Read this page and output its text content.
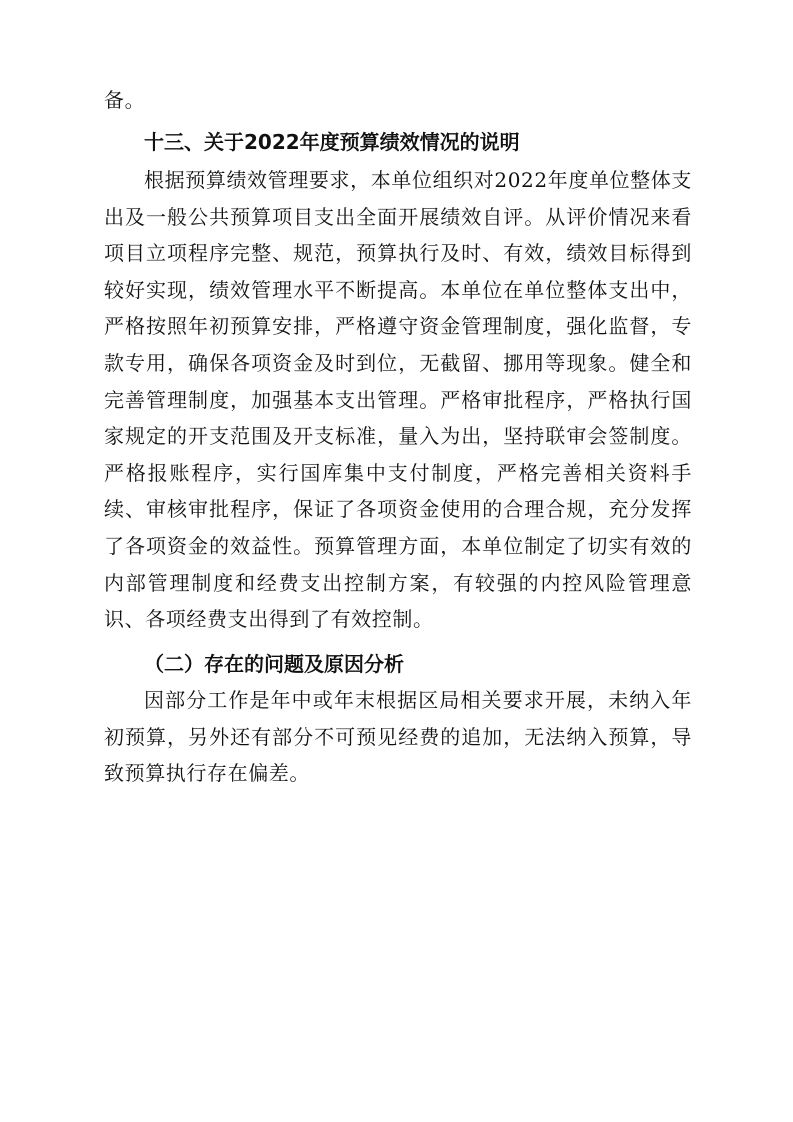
备。

十三、关于2022年度预算绩效情况的说明

根据预算绩效管理要求，本单位组织对2022年度单位整体支出及一般公共预算项目支出全面开展绩效自评。从评价情况来看项目立项程序完整、规范，预算执行及时、有效，绩效目标得到较好实现，绩效管理水平不断提高。本单位在单位整体支出中，严格按照年初预算安排，严格遵守资金管理制度，强化监督，专款专用，确保各项资金及时到位，无截留、挪用等现象。健全和完善管理制度，加强基本支出管理。严格审批程序，严格执行国家规定的开支范围及开支标准，量入为出，坚持联审会签制度。严格报账程序，实行国库集中支付制度，严格完善相关资料手续、审核审批程序，保证了各项资金使用的合理合规，充分发挥了各项资金的效益性。预算管理方面，本单位制定了切实有效的内部管理制度和经费支出控制方案，有较强的内控风险管理意识、各项经费支出得到了有效控制。

（二）存在的问题及原因分析

因部分工作是年中或年末根据区局相关要求开展，未纳入年初预算，另外还有部分不可预见经费的追加，无法纳入预算，导致预算执行存在偏差。
